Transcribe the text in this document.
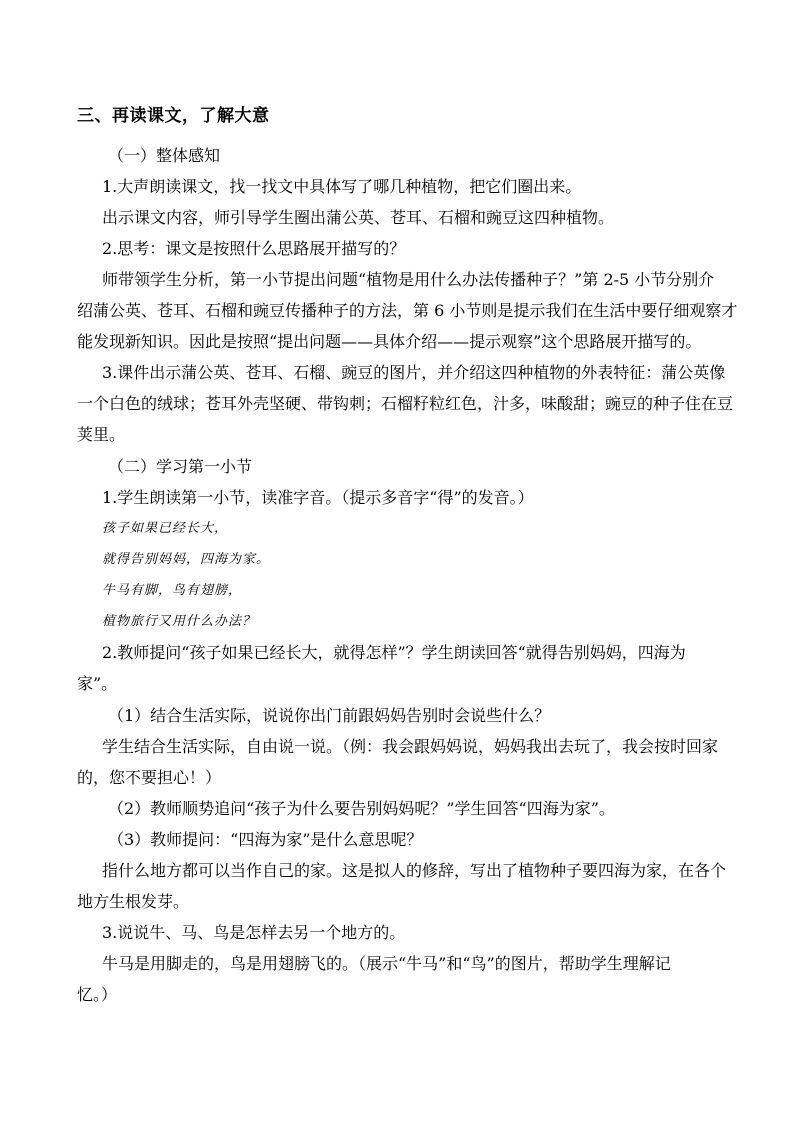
三、再读课文，了解大意
（一）整体感知
1.大声朗读课文，找一找文中具体写了哪几种植物，把它们圈出来。
出示课文内容，师引导学生圈出蒲公英、苍耳、石榴和豌豆这四种植物。
2.思考：课文是按照什么思路展开描写的？
师带领学生分析，第一小节提出问题“植物是用什么办法传播种子？”第 2-5 小节分别介
绍蒲公英、苍耳、石榴和豌豆传播种子的方法，第 6 小节则是提示我们在生活中要仔细观察才
能发现新知识。因此是按照“提出问题——具体介绍——提示观察”这个思路展开描写的。
3.课件出示蒲公英、苍耳、石榴、豌豆的图片，并介绍这四种植物的外表特征：蒲公英像
一个白色的绒球；苍耳外壳坚硬、带钩刺；石榴籽粒红色，汁多，味酸甜；豌豆的种子住在豆
荚里。
（二）学习第一小节
1.学生朗读第一小节，读准字音。（提示多音字“得”的发音。）
孩子如果已经长大，
就得告别妈妈，四海为家。
牛马有脚，鸟有翅膀，
植物旅行又用什么办法？
2.教师提问“孩子如果已经长大，就得怎样”？学生朗读回答“就得告别妈妈，四海为
家”。
（1）结合生活实际，说说你出门前跟妈妈告别时会说些什么？
学生结合生活实际，自由说一说。（例：我会跟妈妈说，妈妈我出去玩了，我会按时回家
的，您不要担心！）
（2）教师顺势追问“孩子为什么要告别妈妈呢？”学生回答“四海为家”。
（3）教师提问：“四海为家”是什么意思呢？
指什么地方都可以当作自己的家。这是拟人的修辞，写出了植物种子要四海为家，在各个
地方生根发芽。
3.说说牛、马、鸟是怎样去另一个地方的。
牛马是用脚走的，鸟是用翅膀飞的。（展示“牛马”和“鸟”的图片，帮助学生理解记
忆。）
